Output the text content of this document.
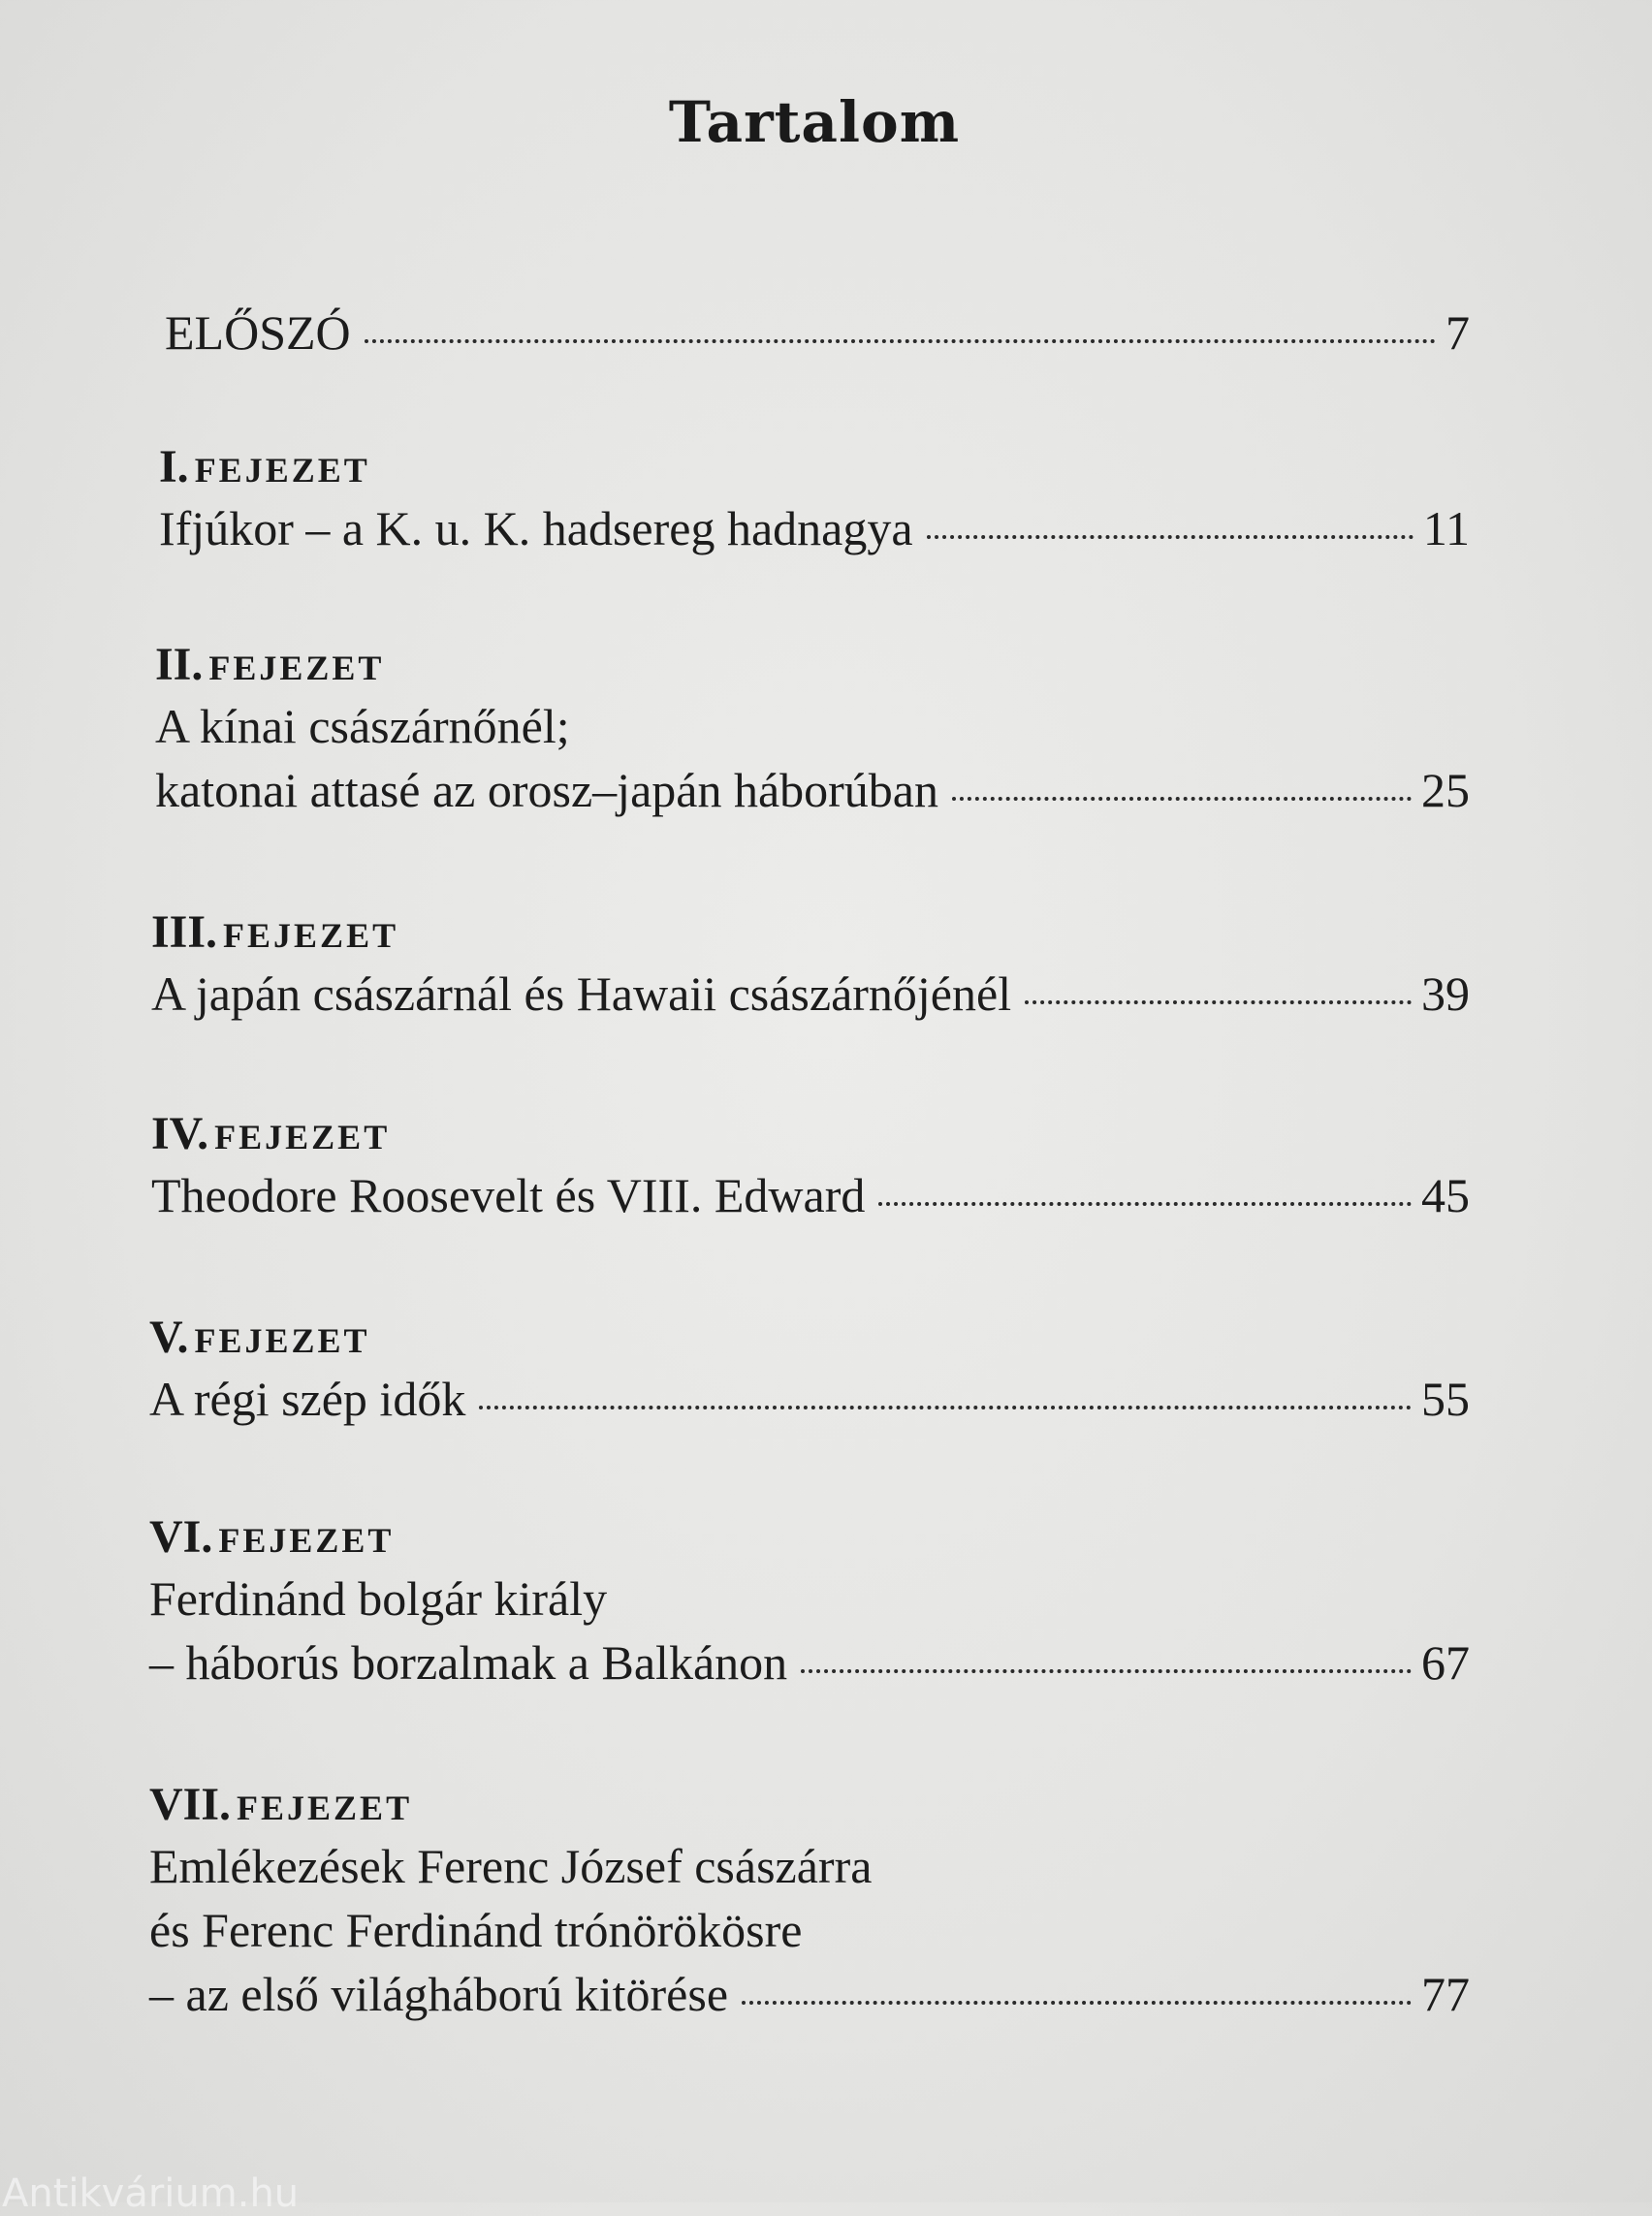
Tartalom
ELŐSZÓ	7
I. FEJEZET
Ifjúkor – a K. u. K. hadsereg hadnagya	11
II. FEJEZET
A kínai császárnőnél;
katonai attasé az orosz–japán háborúban	25
III. FEJEZET
A japán császárnál és Hawaii császárnőjénél	39
IV. FEJEZET
Theodore Roosevelt és VIII. Edward	45
V. FEJEZET
A régi szép idők	55
VI. FEJEZET
Ferdinánd bolgár király
– háborús borzalmak a Balkánon	67
VII. FEJEZET
Emlékezések Ferenc József császárra
és Ferenc Ferdinánd trónörökösre
– az első világháború kitörése	77
Antikvárium.hu
